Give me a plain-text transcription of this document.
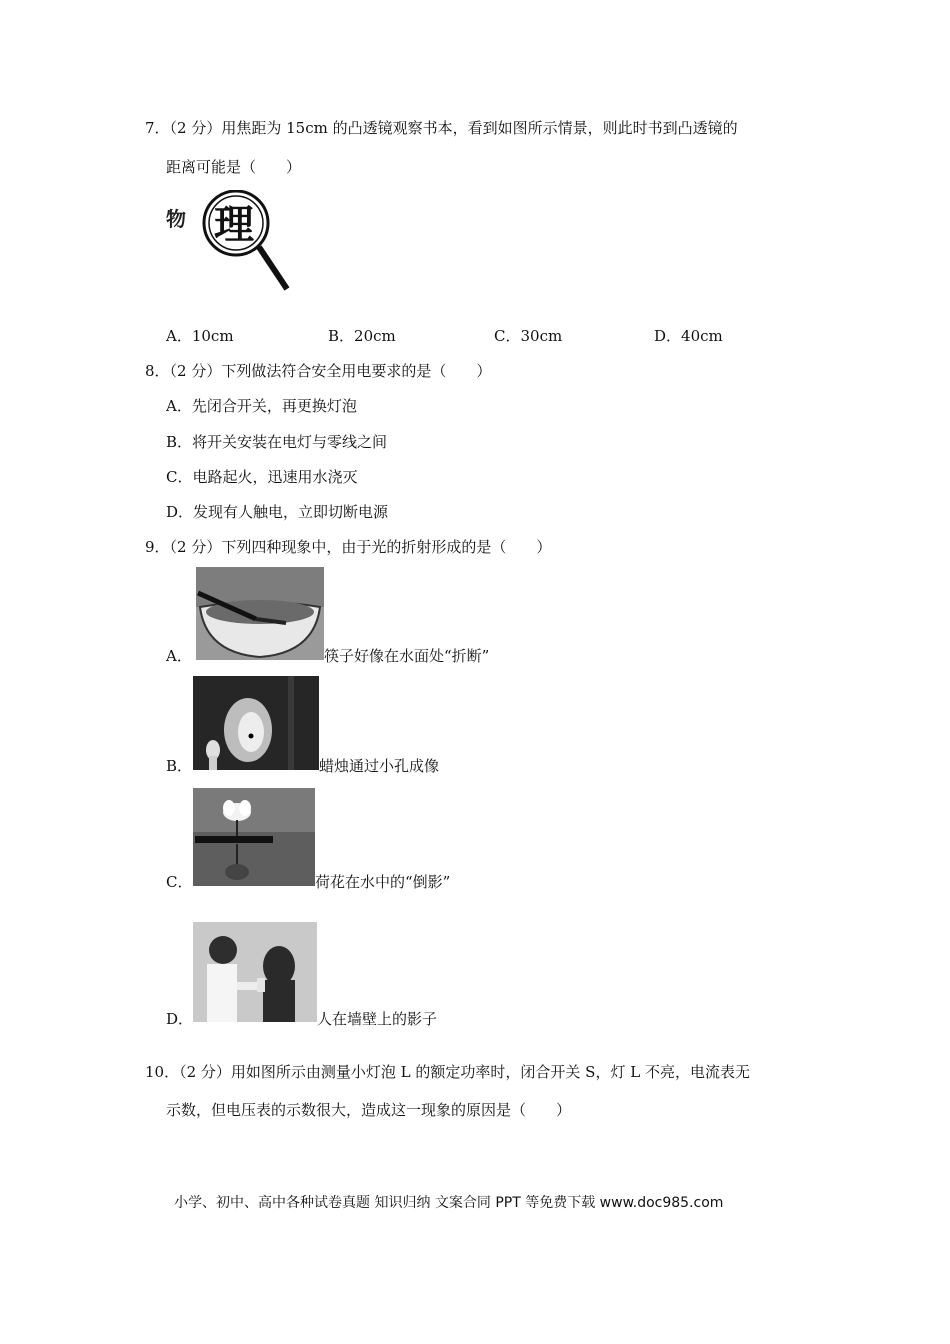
7．（2 分）用焦距为 15cm 的凸透镜观察书本，看到如图所示情景，则此时书到凸透镜的
距离可能是（　　）
物 理
A．10cm	B．20cm	C．30cm	D．40cm
8．（2 分）下列做法符合安全用电要求的是（　　）
A．先闭合开关，再更换灯泡
B．将开关安装在电灯与零线之间
C．电路起火，迅速用水浇灭
D．发现有人触电，立即切断电源
9．（2 分）下列四种现象中，由于光的折射形成的是（　　）
A．	筷子好像在水面处“折断”
B．	蜡烛通过小孔成像
C．	荷花在水中的“倒影”
D．	人在墙壁上的影子
10．（2 分）用如图所示由测量小灯泡 L 的额定功率时，闭合开关 S，灯 L 不亮，电流表无
示数，但电压表的示数很大，造成这一现象的原因是（　　）
小学、初中、高中各种试卷真题 知识归纳 文案合同 PPT 等免费下载 www.doc985.com
